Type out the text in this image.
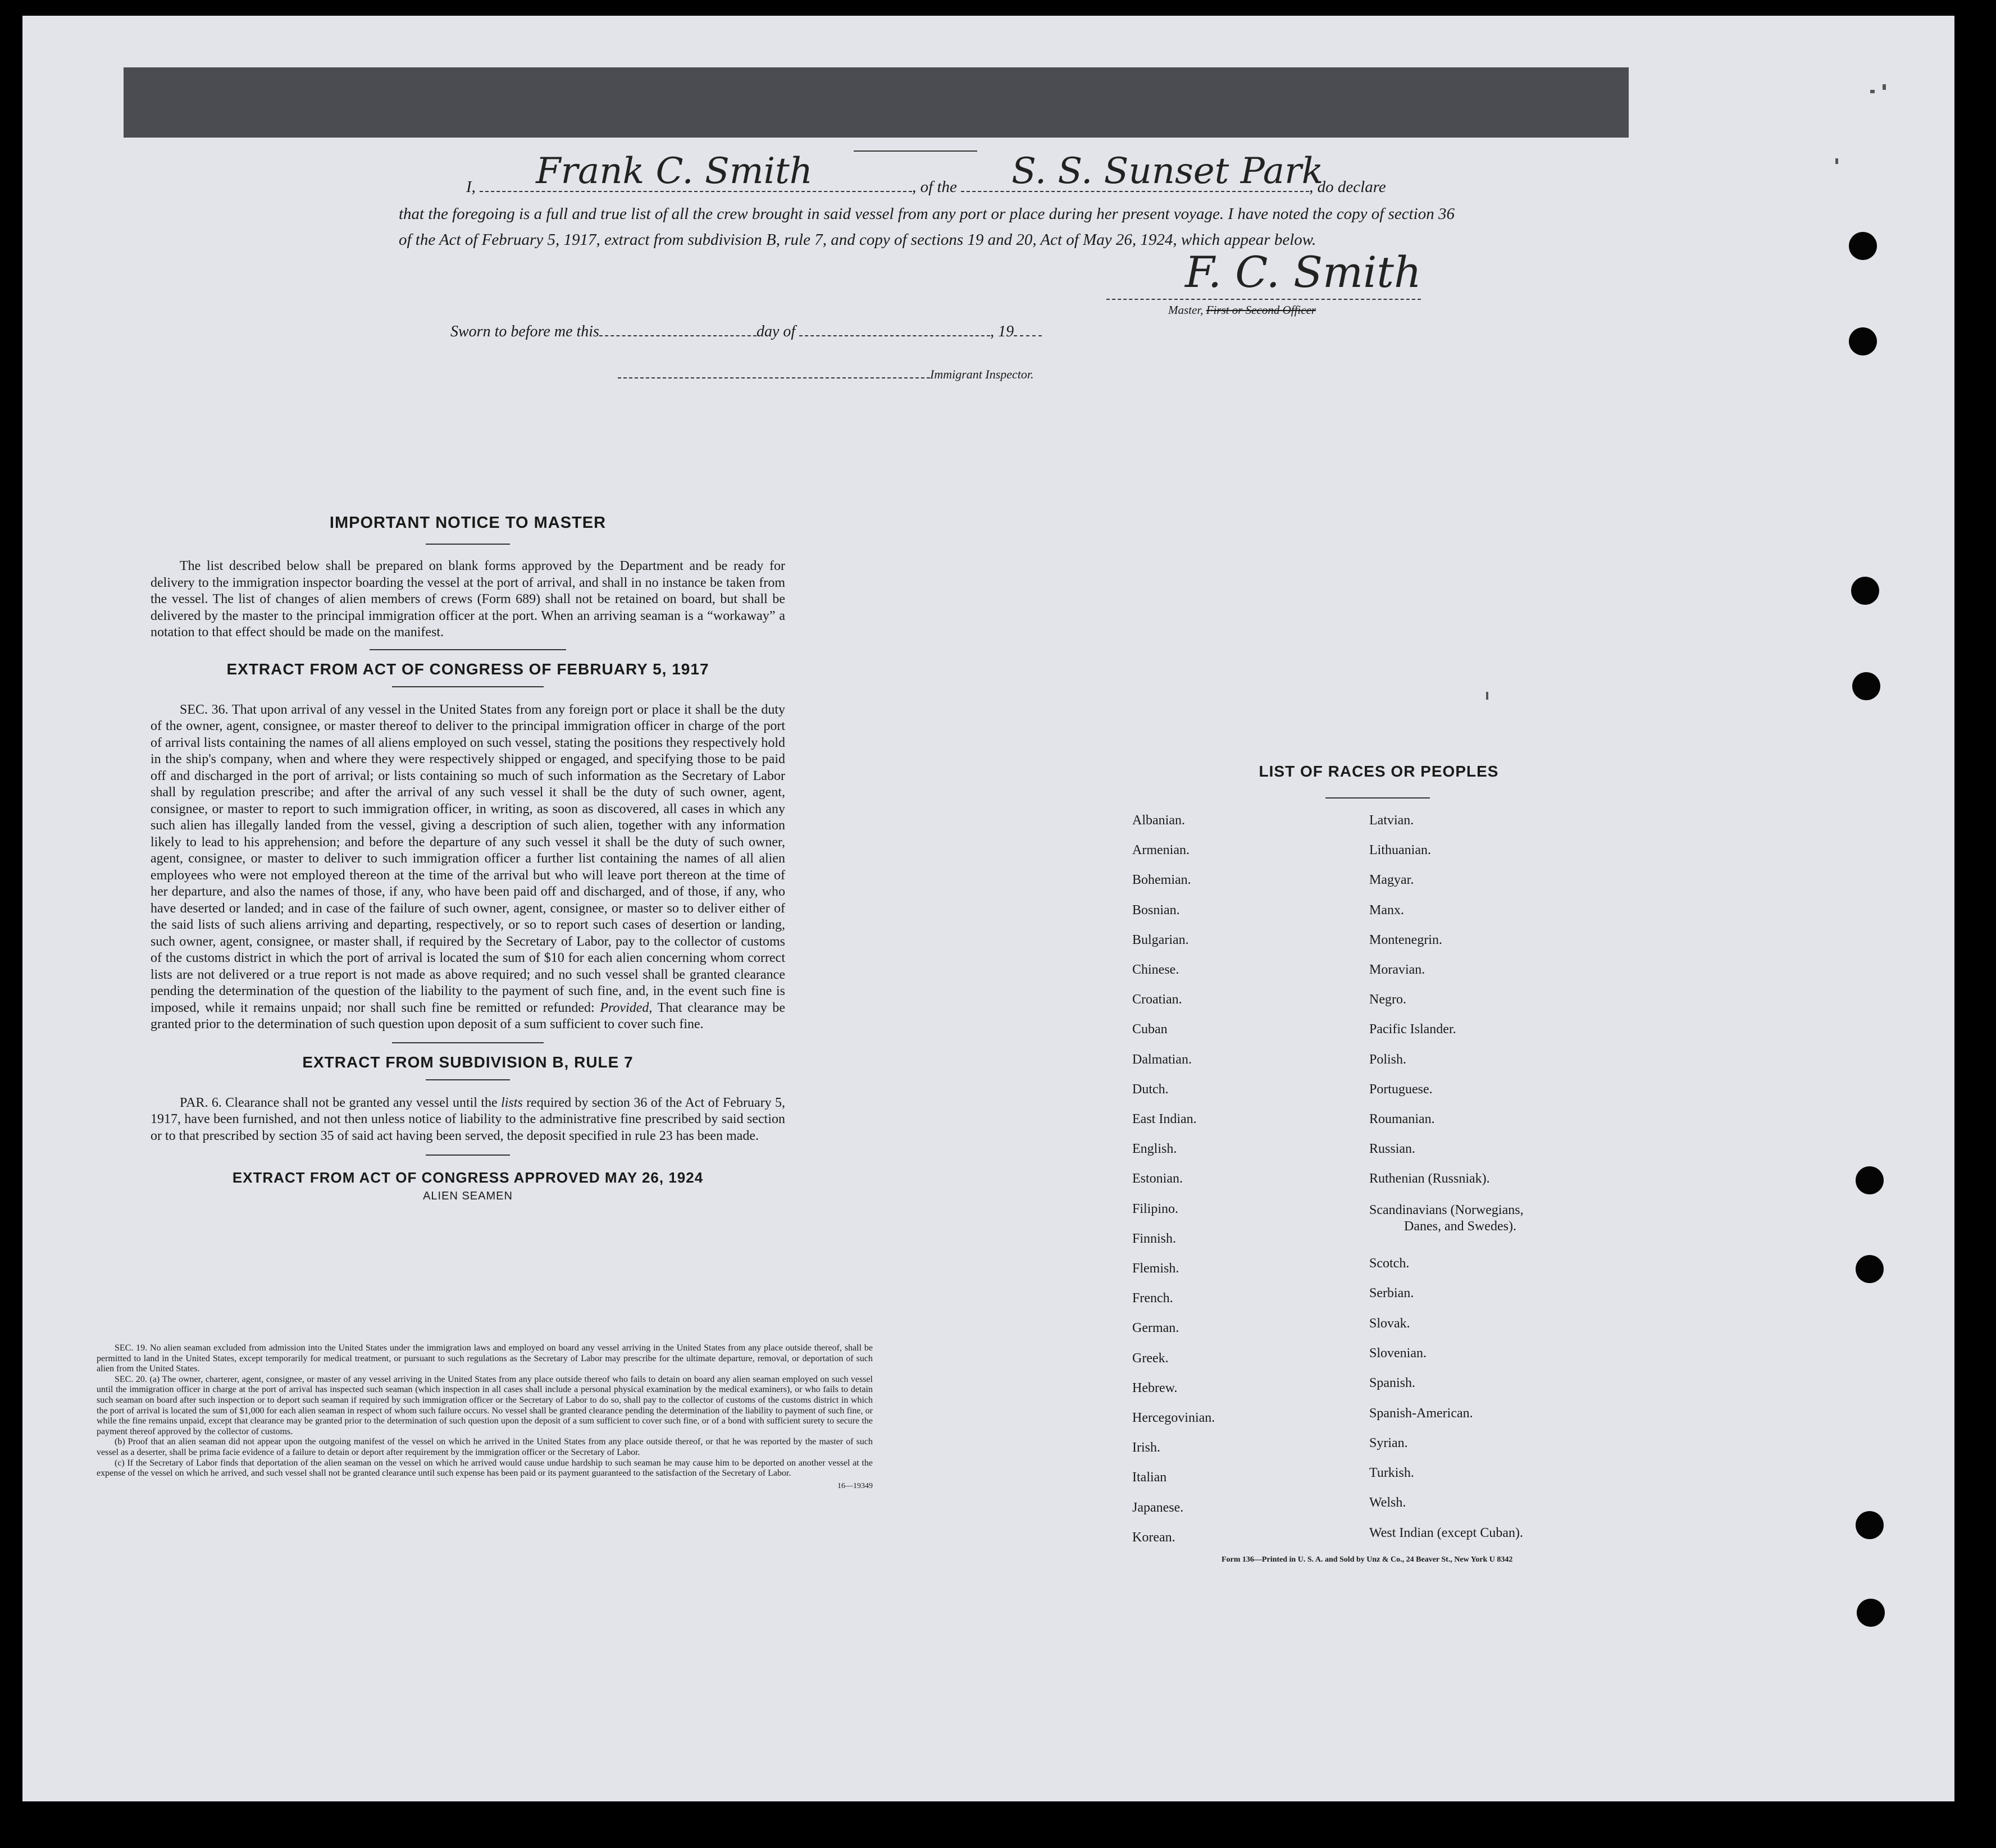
I, Frank C. Smith	, of the S. S. Sunset Park
, do declare
that the foregoing is a full and true list of all the crew brought in said vessel from any port or place during her present voyage. I have noted the copy of section 36 of the Act of February 5, 1917, extract from subdivision B, rule 7, and copy of sections 19 and 20, Act of May 26, 1924, which appear below.
F. C. Smith
Master, First or Second Officer
Sworn to before me this	day of	, 19
Immigrant Inspector.
IMPORTANT NOTICE TO MASTER
The list described below shall be prepared on blank forms approved by the Department and be ready for delivery to the immigration inspector boarding the vessel at the port of arrival, and shall in no instance be taken from the vessel. The list of changes of alien members of crews (Form 689) shall not be retained on board, but shall be delivered by the master to the principal immigration officer at the port. When an arriving seaman is a “workaway” a notation to that effect should be made on the manifest.
EXTRACT FROM ACT OF CONGRESS OF FEBRUARY 5, 1917
SEC. 36. That upon arrival of any vessel in the United States from any foreign port or place it shall be the duty of the owner, agent, consignee, or master thereof to deliver to the principal immigration officer in charge of the port of arrival lists containing the names of all aliens employed on such vessel, stating the positions they respectively hold in the ship's company, when and where they were respectively shipped or engaged, and specifying those to be paid off and discharged in the port of arrival; or lists containing so much of such information as the Secretary of Labor shall by regulation prescribe; and after the arrival of any such vessel it shall be the duty of such owner, agent, consignee, or master to report to such immigration officer, in writing, as soon as discovered, all cases in which any such alien has illegally landed from the vessel, giving a description of such alien, together with any information likely to lead to his apprehension; and before the departure of any such vessel it shall be the duty of such owner, agent, consignee, or master to deliver to such immigration officer a further list containing the names of all alien employees who were not employed thereon at the time of the arrival but who will leave port thereon at the time of her departure, and also the names of those, if any, who have been paid off and discharged, and of those, if any, who have deserted or landed; and in case of the failure of such owner, agent, consignee, or master so to deliver either of the said lists of such aliens arriving and departing, respectively, or so to report such cases of desertion or landing, such owner, agent, consignee, or master shall, if required by the Secretary of Labor, pay to the collector of customs of the customs district in which the port of arrival is located the sum of $10 for each alien concerning whom correct lists are not delivered or a true report is not made as above required; and no such vessel shall be granted clearance pending the determination of the question of the liability to the payment of such fine, and, in the event such fine is imposed, while it remains unpaid; nor shall such fine be remitted or refunded: Provided, That clearance may be granted prior to the determination of such question upon deposit of a sum sufficient to cover such fine.
EXTRACT FROM SUBDIVISION B, RULE 7
PAR. 6. Clearance shall not be granted any vessel until the lists required by section 36 of the Act of February 5, 1917, have been furnished, and not then unless notice of liability to the administrative fine prescribed by said section or to that prescribed by section 35 of said act having been served, the deposit specified in rule 23 has been made.
EXTRACT FROM ACT OF CONGRESS APPROVED MAY 26, 1924
ALIEN SEAMEN
SEC. 19. No alien seaman excluded from admission into the United States under the immigration laws and employed on board any vessel arriving in the United States from any place outside thereof, shall be permitted to land in the United States, except temporarily for medical treatment, or pursuant to such regulations as the Secretary of Labor may prescribe for the ultimate departure, removal, or deportation of such alien from the United States.
SEC. 20. (a) The owner, charterer, agent, consignee, or master of any vessel arriving in the United States from any place outside thereof who fails to detain on board any alien seaman employed on such vessel until the immigration officer in charge at the port of arrival has inspected such seaman (which inspection in all cases shall include a personal physical examination by the medical examiners), or who fails to detain such seaman on board after such inspection or to deport such seaman if required by such immigration officer or the Secretary of Labor to do so, shall pay to the collector of customs of the customs district in which the port of arrival is located the sum of $1,000 for each alien seaman in respect of whom such failure occurs. No vessel shall be granted clearance pending the determination of the liability to payment of such fine, or while the fine remains unpaid, except that clearance may be granted prior to the determination of such question upon the deposit of a sum sufficient to cover such fine, or of a bond with sufficient surety to secure the payment thereof approved by the collector of customs.
(b) Proof that an alien seaman did not appear upon the outgoing manifest of the vessel on which he arrived in the United States from any place outside thereof, or that he was reported by the master of such vessel as a deserter, shall be prima facie evidence of a failure to detain or deport after requirement by the immigration officer or the Secretary of Labor.
(c) If the Secretary of Labor finds that deportation of the alien seaman on the vessel on which he arrived would cause undue hardship to such seaman he may cause him to be deported on another vessel at the expense of the vessel on which he arrived, and such vessel shall not be granted clearance until such expense has been paid or its payment guaranteed to the satisfaction of the Secretary of Labor.
16—19349
LIST OF RACES OR PEOPLES
Form 136—Printed in U. S. A. and Sold by Unz & Co., 24 Beaver St., New York U 8342
Albanian.
Armenian.
Bohemian.
Bosnian.
Bulgarian.
Chinese.
Croatian.
Cuban
Dalmatian.
Dutch.
East Indian.
English.
Estonian.
Filipino.
Finnish.
Flemish.
French.
German.
Greek.
Hebrew.
Hercegovinian.
Irish.
Italian
Japanese.
Korean.
Latvian.
Lithuanian.
Magyar.
Manx.
Montenegrin.
Moravian.
Negro.
Pacific Islander.
Polish.
Portuguese.
Roumanian.
Russian.
Ruthenian (Russniak).
Scandinavians (Norwegians,
Danes, and Swedes).
Scotch.
Serbian.
Slovak.
Slovenian.
Spanish.
Spanish-American.
Syrian.
Turkish.
Welsh.
West Indian (except Cuban).
